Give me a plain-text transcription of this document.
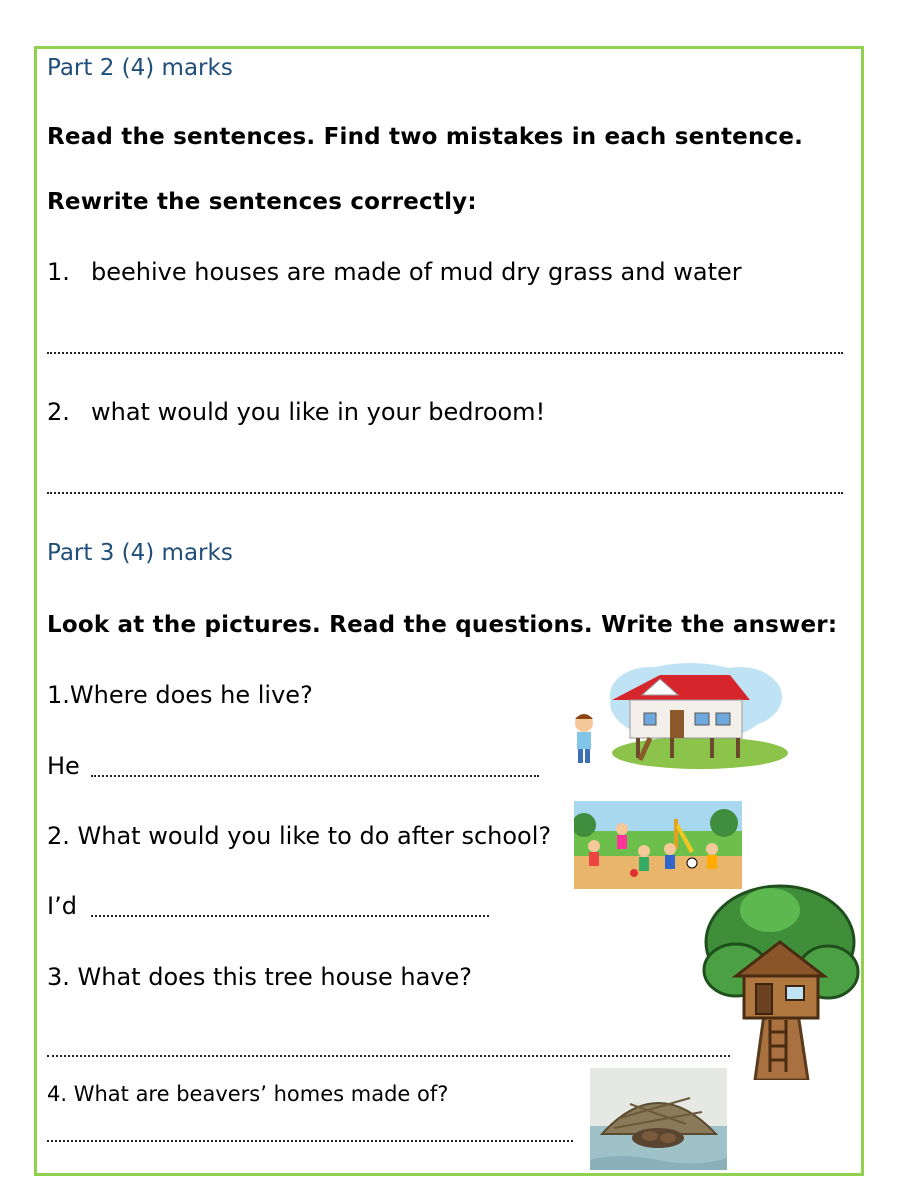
Part 2 (4) marks
Read the sentences. Find two mistakes in each sentence.
Rewrite the sentences correctly:
1. beehive houses are made of mud dry grass and water
2. what would you like in your bedroom!
Part 3 (4) marks
Look at the pictures. Read the questions. Write the answer:
1.Where does he live?
He
2. What would you like to do after school?
I’d
3. What does this tree house have?
4. What are beavers’ homes made of?
